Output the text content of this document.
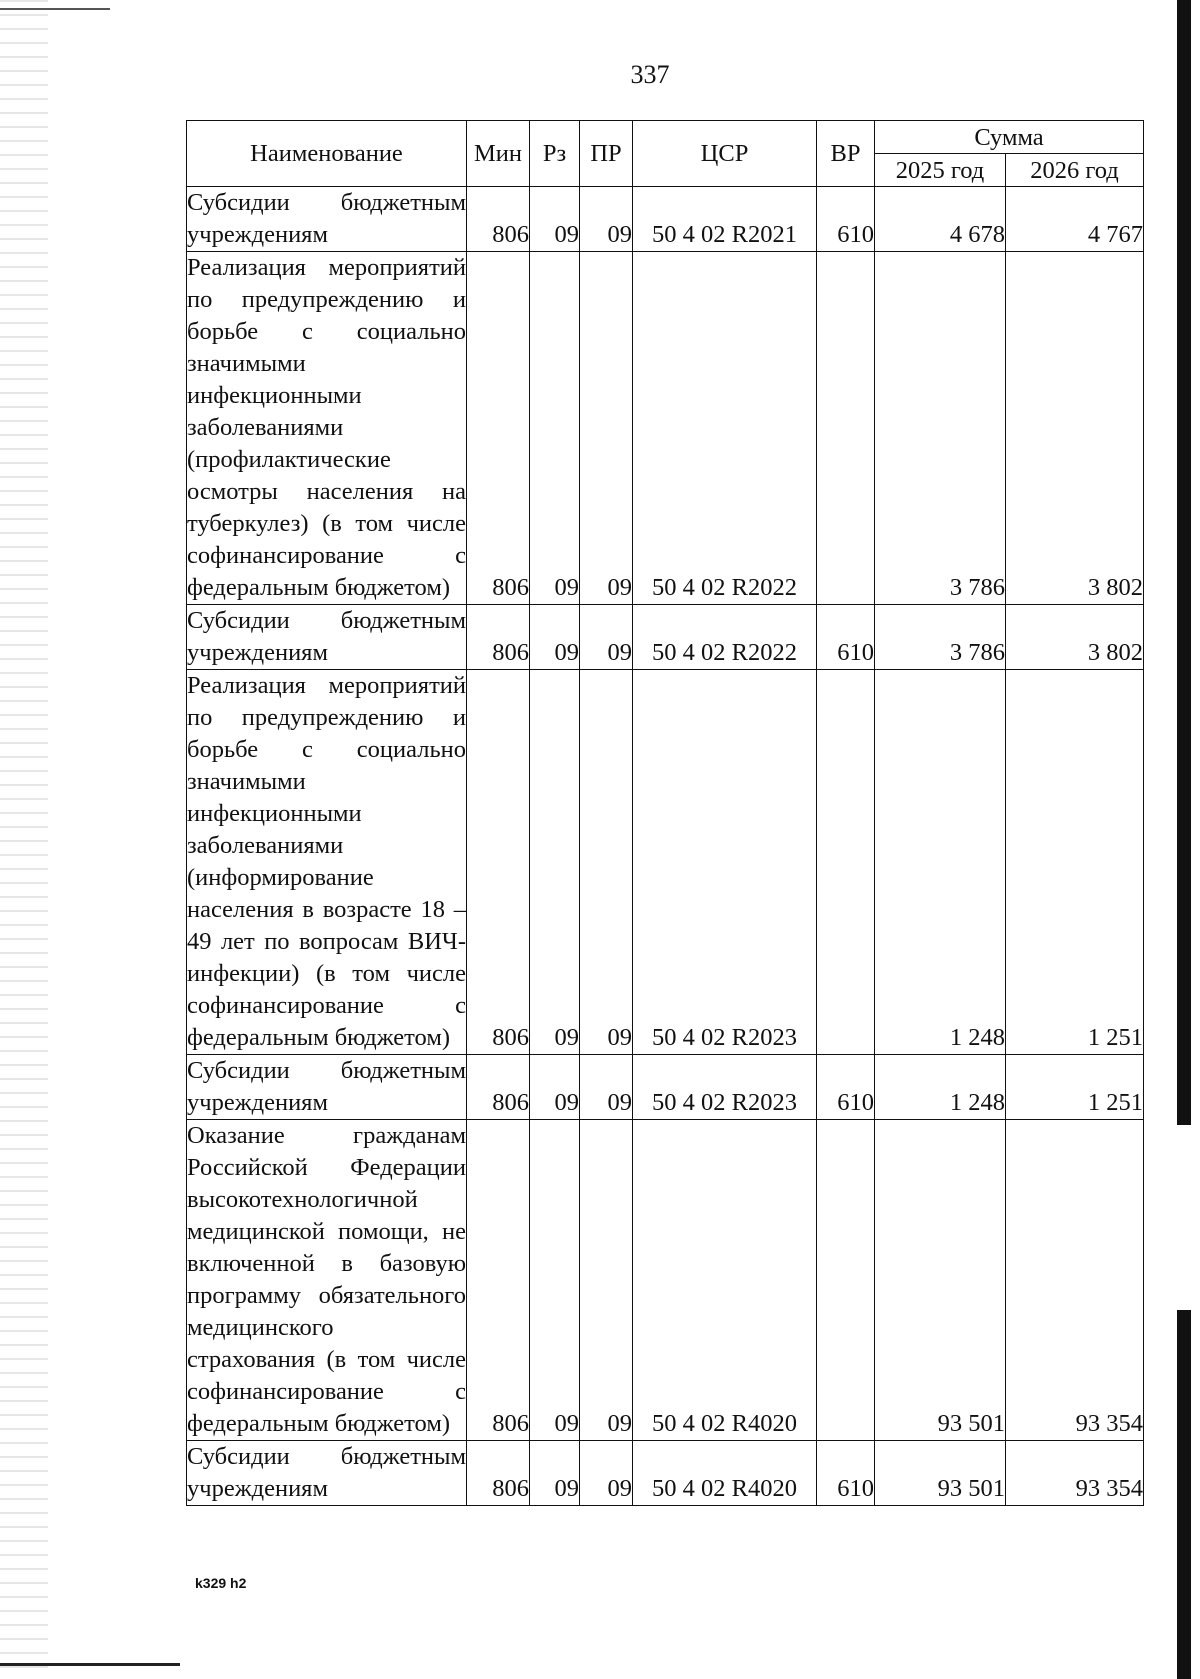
337
Наименование	Мин	Рз	ПР	ЦСР	ВР	Сумма	
						2025 год	2026 год
Субсидии бюджетным учреждениям	806	09	09	50 4 02 R2021	610	4 678	4 767
Реализация мероприятий по предупреждению и борьбе с социально значимыми инфекционными заболеваниями (профилактические осмотры населения на туберкулез) (в том числе софинансирование с федеральным бюджетом)	806	09	09	50 4 02 R2022		3 786	3 802
Субсидии бюджетным учреждениям	806	09	09	50 4 02 R2022	610	3 786	3 802
Реализация мероприятий по предупреждению и борьбе с социально значимыми инфекционными заболеваниями (информирование населения в возрасте 18 – 49 лет по вопросам ВИЧ-инфекции) (в том числе софинансирование с федеральным бюджетом)	806	09	09	50 4 02 R2023		1 248	1 251
Субсидии бюджетным учреждениям	806	09	09	50 4 02 R2023	610	1 248	1 251
Оказание гражданам Российской Федерации высокотехнологичной медицинской помощи, не включенной в базовую программу обязательного медицинского страхования (в том числе софинансирование с федеральным бюджетом)	806	09	09	50 4 02 R4020		93 501	93 354
Субсидии бюджетным учреждениям	806	09	09	50 4 02 R4020	610	93 501	93 354
k329 h2
